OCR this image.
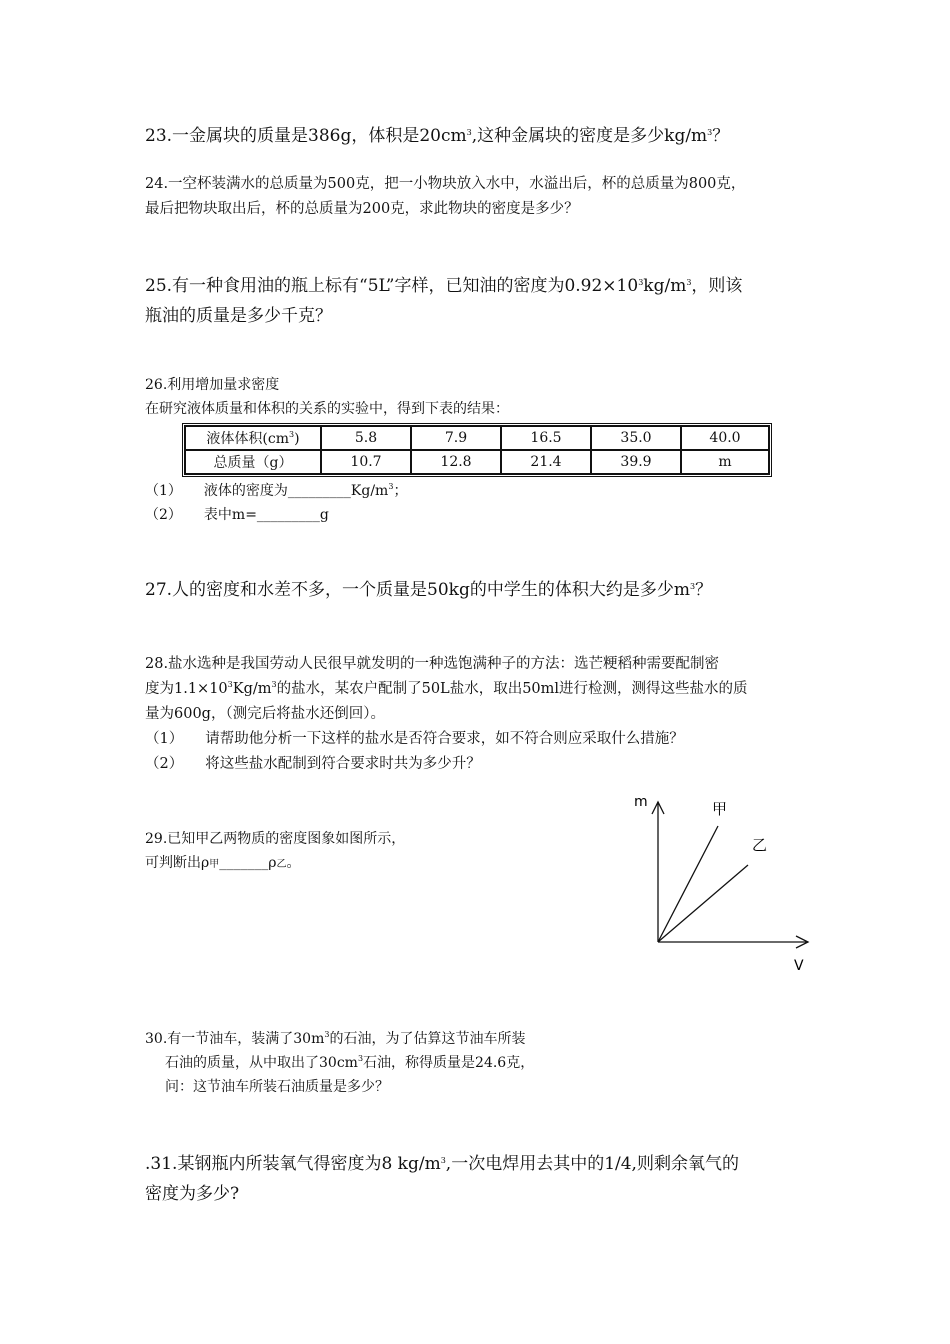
23.一金属块的质量是386g，体积是$20cm^3$,这种金属块的密度是多少$kg/m^3$？

24.一空杯装满水的总质量为500克，把一小物块放入水中，水溢出后，杯的总质量为800克，
最后把物块取出后，杯的总质量为200克，求此物块的密度是多少？
25.有一种食用油的瓶上标有“5L”字样，已知油的密度为$0.92\times 10^3kg/m^3$，则该
瓶油的质量是多少千克？
26.利用增加量求密度
在研究液体质量和体积的关系的实验中，得到下表的结果：
液体体积$(cm^3)$	5.8	7.9	16.5	35.0	40.0
总质量（g）	10.7	12.8	21.4	39.9	m
（1） 液体的密度为$\_\_\_\_\_\_\_\_\_Kg/m^3$；
（2） 表中m=_________g

27.人的密度和水差不多，一个质量是50kg的中学生的体积大约是多少$m^3$？

28.盐水选种是我国劳动人民很早就发明的一种选饱满种子的方法：选芒粳稻种需要配制密
度为$1.1\times 10^3Kg/m^3$的盐水，某农户配制了50L盐水，取出50ml进行检测，测得这些盐水的质
量为600g，（测完后将盐水还倒回）。
（1） 请帮助他分析一下这样的盐水是否符合要求，如不符合则应采取什么措施？
（2） 将这些盐水配制到符合要求时共为多少升？
29.已知甲乙两物质的密度图象如图所示，
可判断出ρ甲_______ρ乙。
m
V
甲
乙
30.有一节油车，装满了$30m^3$的石油，为了估算这节油车所装
石油的质量，从中取出了$30cm^3$石油，称得质量是24.6克，
问：这节油车所装石油质量是多少？
.31.某钢瓶内所装氧气得密度为8 $kg/m^3$,一次电焊用去其中的1/4,则剩余氧气的
密度为多少?
